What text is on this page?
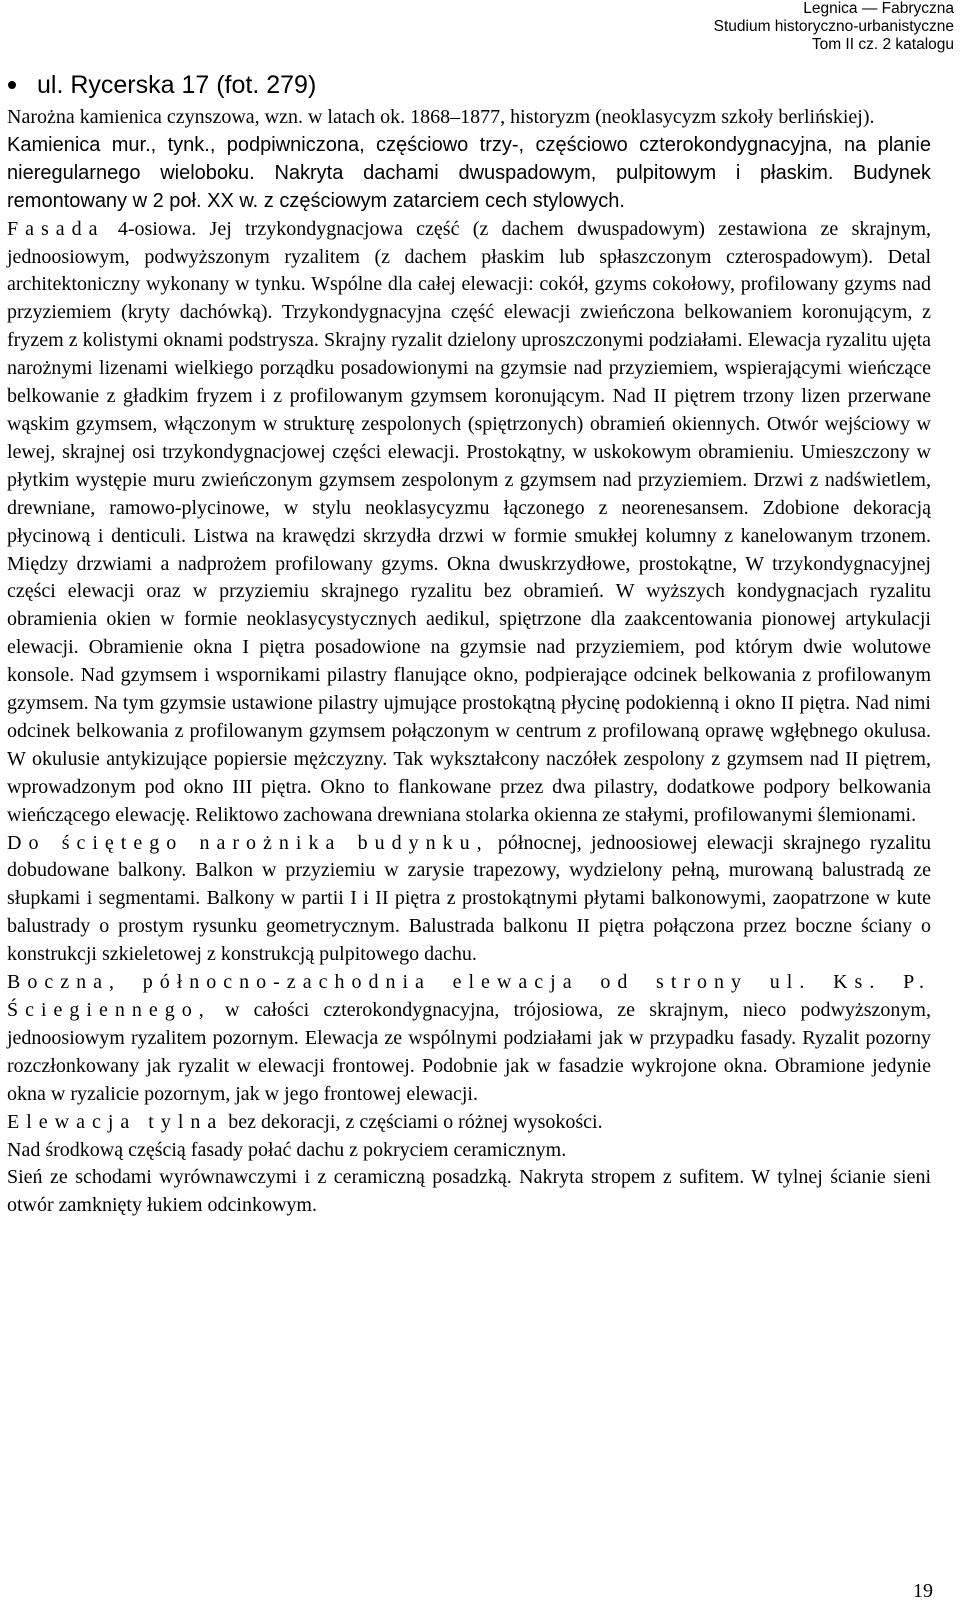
Legnica — Fabryczna
Studium historyczno-urbanistyczne
Tom II cz. 2 katalogu
ul. Rycerska 17 (fot. 279)

Narożna kamienica czynszowa, wzn. w latach ok. 1868–1877, historyzm (neoklasycyzm szkoły berlińskiej).

Kamienica mur., tynk., podpiwniczona, częściowo trzy-, częściowo czterokondygnacyjna, na planie nieregularnego wieloboku. Nakryta dachami dwuspadowym, pulpitowym i płaskim. Budynek remontowany w 2 poł. XX w. z częściowym zatarciem cech stylowych.

Fasada 4-osiowa. Jej trzykondygnacjowa część (z dachem dwuspadowym) zestawiona ze skrajnym, jednoosiowym, podwyższonym ryzalitem (z dachem płaskim lub spłaszczonym czterospadowym). Detal architektoniczny wykonany w tynku. Wspólne dla całej elewacji: cokół, gzyms cokołowy, profilowany gzyms nad przyziemiem (kryty dachówką). Trzykondygnacyjna część elewacji zwieńczona belkowaniem koronującym, z fryzem z kolistymi oknami podstrysza. Skrajny ryzalit dzielony uproszczonymi podziałami. Elewacja ryzalitu ujęta narożnymi lizenami wielkiego porządku posadowionymi na gzymsie nad przyziemiem, wspierającymi wieńczące belkowanie z gładkim fryzem i z profilowanym gzymsem koronującym. Nad II piętrem trzony lizen przerwane wąskim gzymsem, włączonym w strukturę zespolonych (spiętrzonych) obramień okiennych. Otwór wejściowy w lewej, skrajnej osi trzykondygnacjowej części elewacji. Prostokątny, w uskokowym obramieniu. Umieszczony w płytkim występie muru zwieńczonym gzymsem zespolonym z gzymsem nad przyziemiem. Drzwi z nadświetlem, drewniane, ramowo-plycinowe, w stylu neoklasycyzmu łączonego z neorenesansem. Zdobione dekoracją płycinową i denticuli. Listwa na krawędzi skrzydła drzwi w formie smukłej kolumny z kanelowanym trzonem. Między drzwiami a nadprożem profilowany gzyms. Okna dwuskrzydłowe, prostokątne, W trzykondygnacyjnej części elewacji oraz w przyziemiu skrajnego ryzalitu bez obramień. W wyższych kondygnacjach ryzalitu obramienia okien w formie neoklasycystycznych aedikul, spiętrzone dla zaakcentowania pionowej artykulacji elewacji. Obramienie okna I piętra posadowione na gzymsie nad przyziemiem, pod którym dwie wolutowe konsole. Nad gzymsem i wspornikami pilastry flanujące okno, podpierające odcinek belkowania z profilowanym gzymsem. Na tym gzymsie ustawione pilastry ujmujące prostokątną płycinę podokienną i okno II piętra. Nad nimi odcinek belkowania z profilowanym gzymsem połączonym w centrum z profilowaną oprawę wgłębnego okulusa. W okulusie antykizujące popiersie mężczyzny. Tak wykształcony naczółek zespolony z gzymsem nad II piętrem, wprowadzonym pod okno III piętra. Okno to flankowane przez dwa pilastry, dodatkowe podpory belkowania wieńczącego elewację. Reliktowo zachowana drewniana stolarka okienna ze stałymi, profilowanymi ślemionami.

Do ściętego narożnika budynku, północnej, jednoosiowej elewacji skrajnego ryzalitu dobudowane balkony. Balkon w przyziemiu w zarysie trapezowy, wydzielony pełną, murowaną balustradą ze słupkami i segmentami. Balkony w partii I i II piętra z prostokątnymi płytami balkonowymi, zaopatrzone w kute balustrady o prostym rysunku geometrycznym. Balustrada balkonu II piętra połączona przez boczne ściany o konstrukcji szkieletowej z konstrukcją pulpitowego dachu.

Boczna, północno-zachodnia elewacja od strony ul. Ks. P. Ściegiennego, w całości czterokondygnacyjna, trójosiowa, ze skrajnym, nieco podwyższonym, jednoosiowym ryzalitem pozornym. Elewacja ze wspólnymi podziałami jak w przypadku fasady. Ryzalit pozorny rozczłonkowany jak ryzalit w elewacji frontowej. Podobnie jak w fasadzie wykrojone okna. Obramione jedynie okna w ryzalicie pozornym, jak w jego frontowej elewacji.

Elewacja tylna bez dekoracji, z częściami o różnej wysokości.

Nad środkową częścią fasady połać dachu z pokryciem ceramicznym.

Sień ze schodami wyrównawczymi i z ceramiczną posadzką. Nakryta stropem z sufitem. W tylnej ścianie sieni otwór zamknięty łukiem odcinkowym.

19
